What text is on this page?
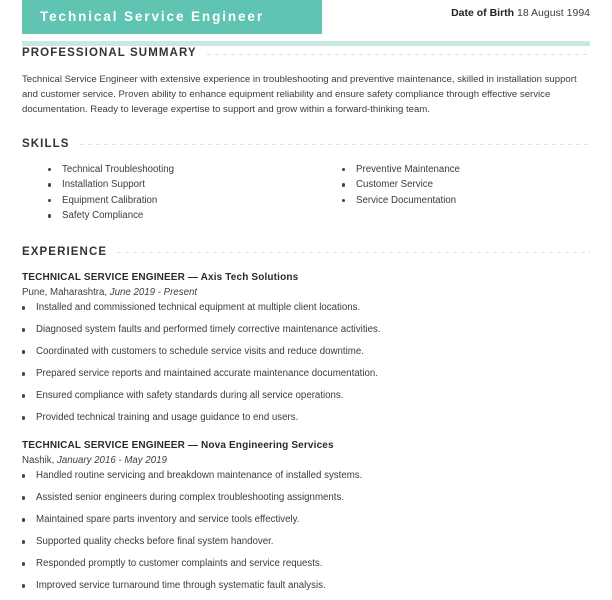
Technical Service Engineer	Date of Birth 18 August 1994
PROFESSIONAL SUMMARY

Technical Service Engineer with extensive experience in troubleshooting and preventive maintenance, skilled in installation support and customer service. Proven ability to enhance equipment reliability and ensure safety compliance through effective service documentation. Ready to leverage expertise to support and grow within a forward-thinking team.

SKILLS
Technical Troubleshooting
Installation Support
Equipment Calibration
Safety Compliance
Preventive Maintenance
Customer Service
Service Documentation
EXPERIENCE
TECHNICAL SERVICE ENGINEER — Axis Tech Solutions
Pune, Maharashtra, June 2019 - Present
Installed and commissioned technical equipment at multiple client locations.
Diagnosed system faults and performed timely corrective maintenance activities.
Coordinated with customers to schedule service visits and reduce downtime.
Prepared service reports and maintained accurate maintenance documentation.
Ensured compliance with safety standards during all service operations.
Provided technical training and usage guidance to end users.
TECHNICAL SERVICE ENGINEER — Nova Engineering Services
Nashik, January 2016 - May 2019
Handled routine servicing and breakdown maintenance of installed systems.
Assisted senior engineers during complex troubleshooting assignments.
Maintained spare parts inventory and service tools effectively.
Supported quality checks before final system handover.
Responded promptly to customer complaints and service requests.
Improved service turnaround time through systematic fault analysis.
